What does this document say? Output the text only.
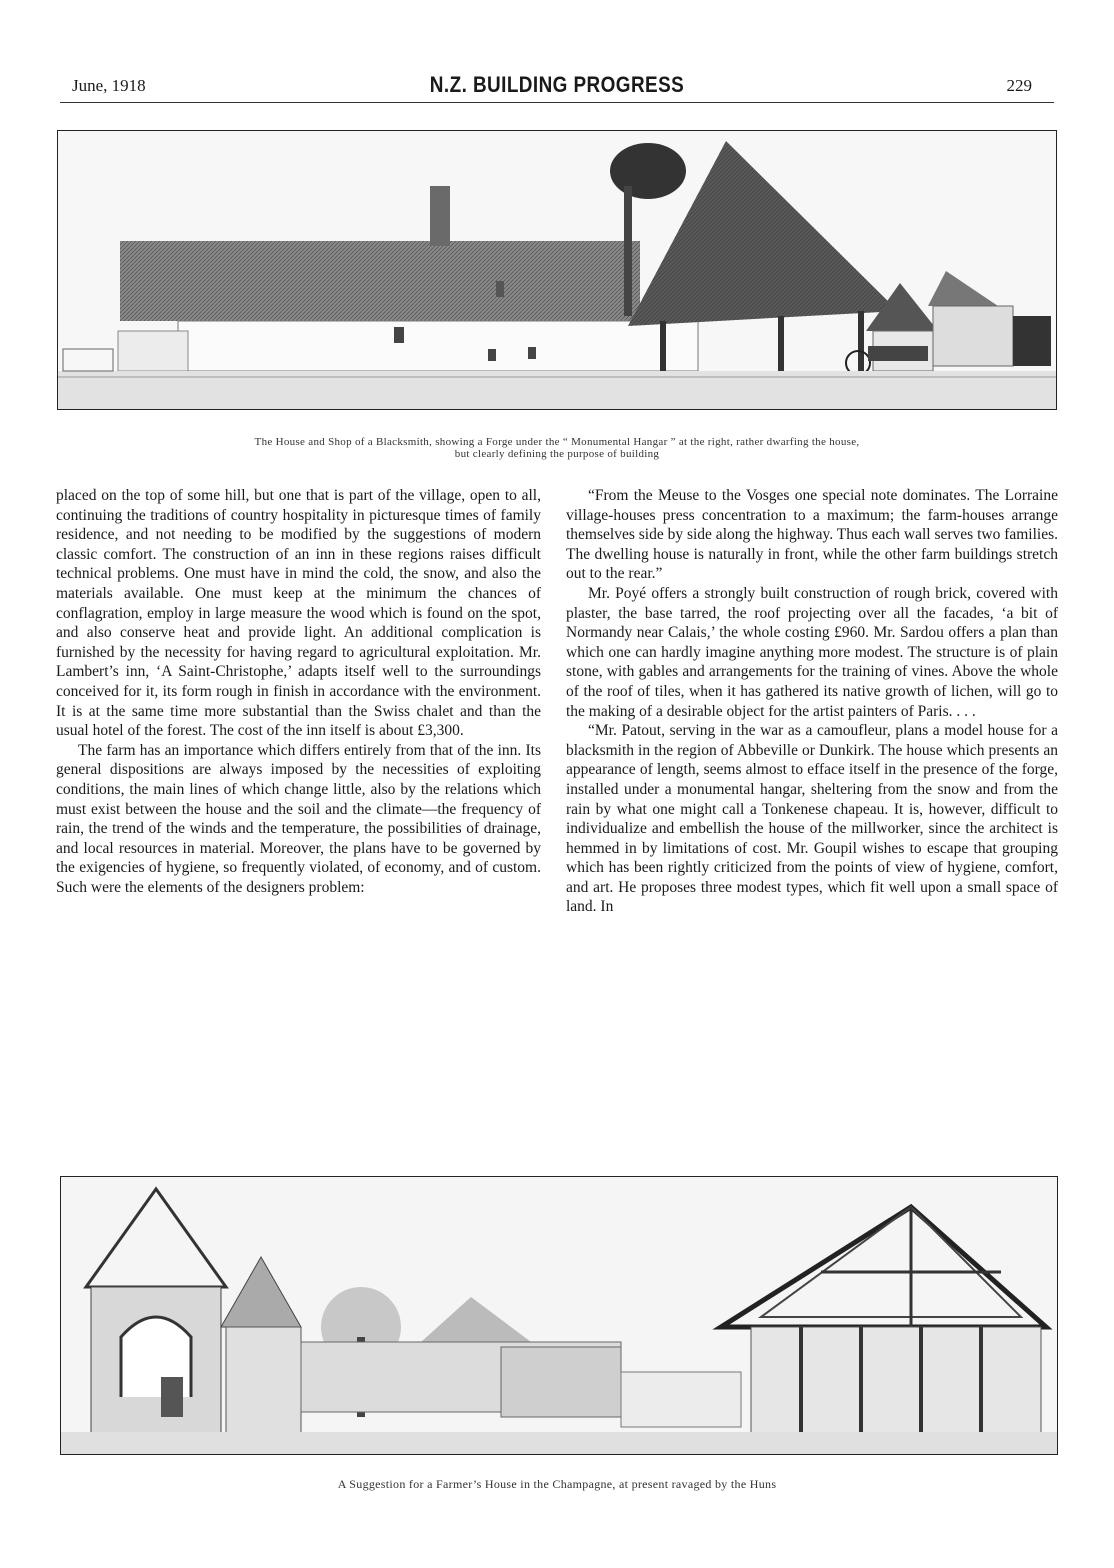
June, 1918	N.Z. BUILDING PROGRESS	229
The House and Shop of a Blacksmith, showing a Forge under the “ Monumental Hangar ” at the right, rather dwarfing the house,
but clearly defining the purpose of building

placed on the top of some hill, but one that is part of the village, open to all, continuing the traditions of country hospitality in picturesque times of family residence, and not needing to be modified by the suggestions of modern classic comfort. The construction of an inn in these regions raises difficult technical problems. One must have in mind the cold, the snow, and also the materials available. One must keep at the minimum the chances of conflagration, employ in large measure the wood which is found on the spot, and also conserve heat and provide light. An additional complication is furnished by the necessity for having regard to agricultural exploitation. Mr. Lambert’s inn, ‘A Saint-Christophe,’ adapts itself well to the surroundings conceived for it, its form rough in finish in accordance with the environment. It is at the same time more substantial than the Swiss chalet and than the usual hotel of the forest. The cost of the inn itself is about £3,300.

The farm has an importance which differs entirely from that of the inn. Its general dispositions are always imposed by the necessities of exploiting conditions, the main lines of which change little, also by the relations which must exist between the house and the soil and the climate—the frequency of rain, the trend of the winds and the temperature, the possibilities of drainage, and local resources in material. Moreover, the plans have to be governed by the exigencies of hygiene, so frequently violated, of economy, and of custom. Such were the elements of the designers problem:

“From the Meuse to the Vosges one special note dominates. The Lorraine village-houses press concentration to a maximum; the farm-houses arrange themselves side by side along the highway. Thus each wall serves two families. The dwelling house is naturally in front, while the other farm buildings stretch out to the rear.”

Mr. Poyé offers a strongly built construction of rough brick, covered with plaster, the base tarred, the roof projecting over all the facades, ‘a bit of Normandy near Calais,’ the whole costing £960. Mr. Sardou offers a plan than which one can hardly imagine anything more modest. The structure is of plain stone, with gables and arrangements for the training of vines. Above the whole of the roof of tiles, when it has gathered its native growth of lichen, will go to the making of a desirable object for the artist painters of Paris. . . .

“Mr. Patout, serving in the war as a camoufleur, plans a model house for a blacksmith in the region of Abbeville or Dunkirk. The house which presents an appearance of length, seems almost to efface itself in the presence of the forge, installed under a monumental hangar, sheltering from the snow and from the rain by what one might call a Tonkenese chapeau. It is, however, difficult to individualize and embellish the house of the millworker, since the architect is hemmed in by limitations of cost. Mr. Goupil wishes to escape that grouping which has been rightly criticized from the points of view of hygiene, comfort, and art. He proposes three modest types, which fit well upon a small space of land. In

A Suggestion for a Farmer’s House in the Champagne, at present ravaged by the Huns
